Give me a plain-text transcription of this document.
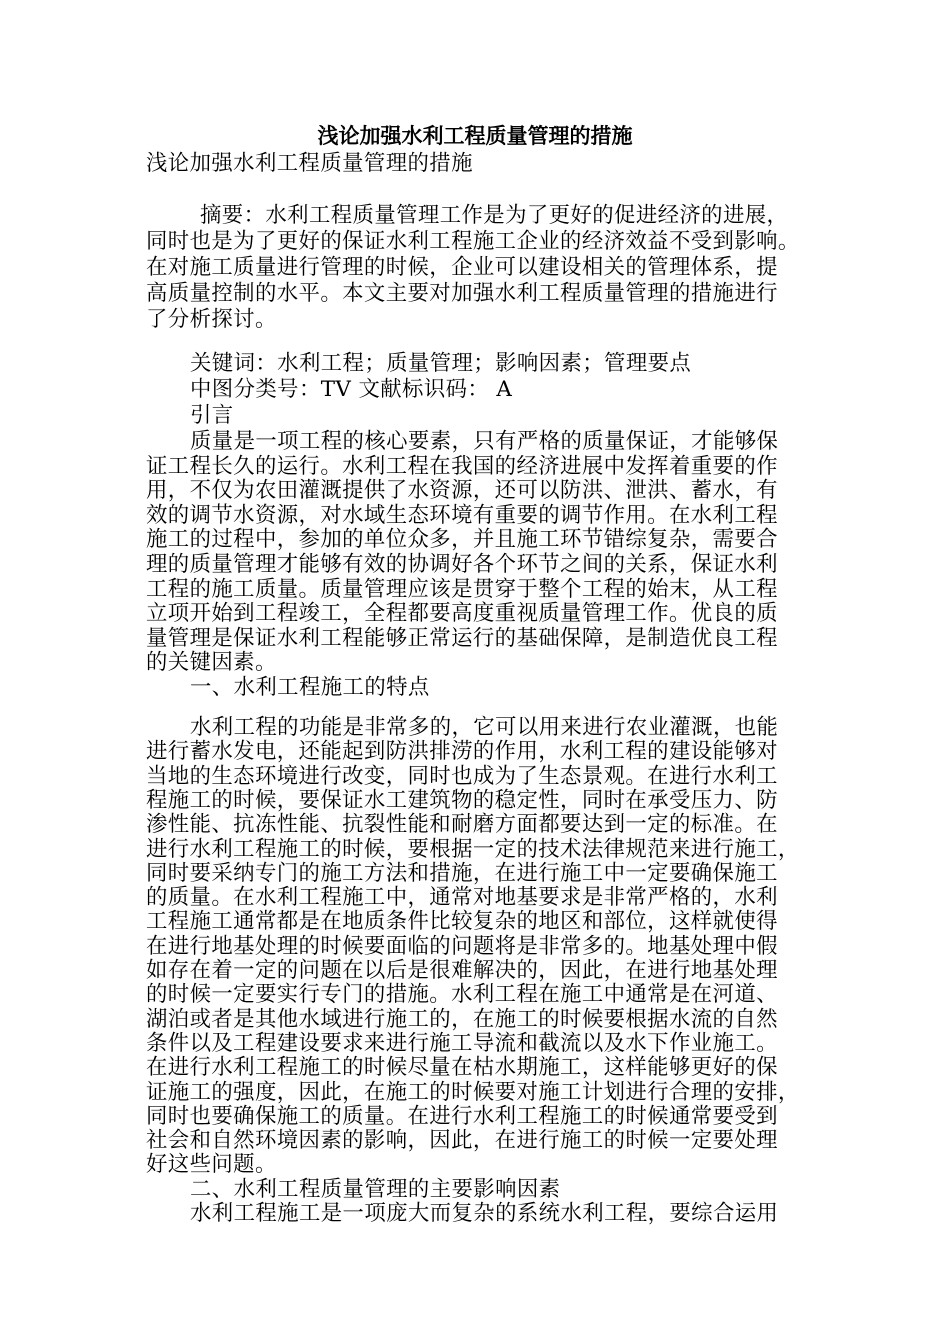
浅论加强水利工程质量管理的措施
浅论加强水利工程质量管理的措施
摘要：水利工程质量管理工作是为了更好的促进经济的进展，
同时也是为了更好的保证水利工程施工企业的经济效益不受到影响。
在对施工质量进行管理的时候，企业可以建设相关的管理体系，提
高质量控制的水平。本文主要对加强水利工程质量管理的措施进行
了分析探讨。
关键词：水利工程；质量管理；影响因素；管理要点
中图分类号：TV 文献标识码： A
引言
质量是一项工程的核心要素，只有严格的质量保证，才能够保
证工程长久的运行。水利工程在我国的经济进展中发挥着重要的作
用，不仅为农田灌溉提供了水资源，还可以防洪、泄洪、蓄水，有
效的调节水资源，对水域生态环境有重要的调节作用。在水利工程
施工的过程中，参加的单位众多，并且施工环节错综复杂，需要合
理的质量管理才能够有效的协调好各个环节之间的关系，保证水利
工程的施工质量。质量管理应该是贯穿于整个工程的始末，从工程
立项开始到工程竣工，全程都要高度重视质量管理工作。优良的质
量管理是保证水利工程能够正常运行的基础保障，是制造优良工程
的关键因素。
一、水利工程施工的特点
水利工程的功能是非常多的，它可以用来进行农业灌溉，也能
进行蓄水发电，还能起到防洪排涝的作用，水利工程的建设能够对
当地的生态环境进行改变，同时也成为了生态景观。在进行水利工
程施工的时候，要保证水工建筑物的稳定性，同时在承受压力、防
渗性能、抗冻性能、抗裂性能和耐磨方面都要达到一定的标准。在
进行水利工程施工的时候，要根据一定的技术法律规范来进行施工，
同时要采纳专门的施工方法和措施，在进行施工中一定要确保施工
的质量。在水利工程施工中，通常对地基要求是非常严格的，水利
工程施工通常都是在地质条件比较复杂的地区和部位，这样就使得
在进行地基处理的时候要面临的问题将是非常多的。地基处理中假
如存在着一定的问题在以后是很难解决的，因此，在进行地基处理
的时候一定要实行专门的措施。水利工程在施工中通常是在河道、
湖泊或者是其他水域进行施工的，在施工的时候要根据水流的自然
条件以及工程建设要求来进行施工导流和截流以及水下作业施工。
在进行水利工程施工的时候尽量在枯水期施工，这样能够更好的保
证施工的强度，因此，在施工的时候要对施工计划进行合理的安排，
同时也要确保施工的质量。在进行水利工程施工的时候通常要受到
社会和自然环境因素的影响，因此，在进行施工的时候一定要处理
好这些问题。
二、水利工程质量管理的主要影响因素
水利工程施工是一项庞大而复杂的系统水利工程，要综合运用
